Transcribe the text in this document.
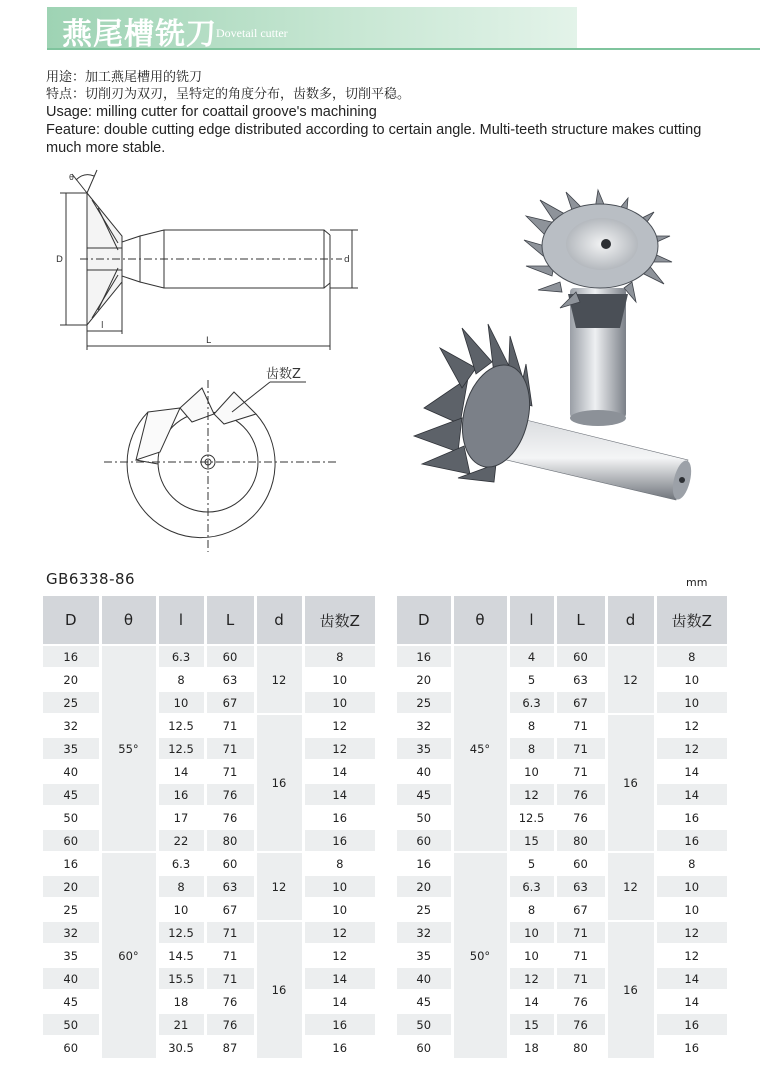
燕尾槽铣刀 Dovetail cutter
用途：加工燕尾槽用的铣刀
特点：切削刃为双刃，呈特定的角度分布，齿数多，切削平稳。
Usage: milling cutter for coattail groove's machining
Feature: double cutting edge distributed according to certain angle. Multi-teeth structure makes cutting much more stable.
θ
D	d
l
L
齿数Z
GB6338-86	mm
D	θ	l	L	d	齿数Z
16	55°	6.3	60	12	8
20		8	63		10
25		10	67		10
32		12.5	71	16	12
35		12.5	71		12
40		14	71		14
45		16	76		14
50		17	76		16
60		22	80		16
16	60°	6.3	60	12	8
20		8	63		10
25		10	67		10
32		12.5	71	16	12
35		14.5	71		12
40		15.5	71		14
45		18	76		14
50		21	76		16
60		30.5	87		16
D	θ	l	L	d	齿数Z
16	45°	4	60	12	8
20		5	63		10
25		6.3	67		10
32		8	71	16	12
35		8	71		12
40		10	71		14
45		12	76		14
50		12.5	76		16
60		15	80		16
16	50°	5	60	12	8
20		6.3	63		10
25		8	67		10
32		10	71	16	12
35		10	71		12
40		12	71		14
45		14	76		14
50		15	76		16
60		18	80		16
